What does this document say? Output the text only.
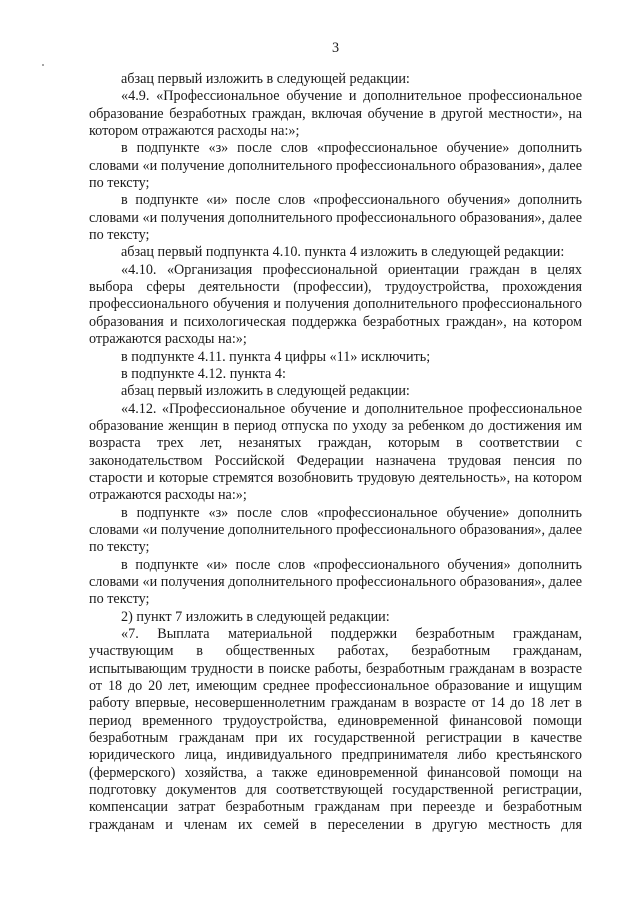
3

абзац первый изложить в следующей редакции:

«4.9. «Профессиональное обучение и дополнительное профессиональное образование безработных граждан, включая обучение в другой местности», на котором отражаются расходы на:»;

в подпункте «з» после слов «профессиональное обучение» дополнить словами «и получение дополнительного профессионального образования», далее по тексту;

в подпункте «и» после слов «профессионального обучения» дополнить словами «и получения дополнительного профессионального образования», далее по тексту;

абзац первый подпункта 4.10. пункта 4 изложить в следующей редакции:

«4.10. «Организация профессиональной ориентации граждан в целях выбора сферы деятельности (профессии), трудоустройства, прохождения профессионального обучения и получения дополнительного профессионального образования и психологическая поддержка безработных граждан», на котором отражаются расходы на:»;

в подпункте 4.11. пункта 4 цифры «11» исключить;

в подпункте 4.12. пункта 4:

абзац первый изложить в следующей редакции:

«4.12. «Профессиональное обучение и дополнительное профессиональное образование женщин в период отпуска по уходу за ребенком до достижения им возраста трех лет, незанятых граждан, которым в соответствии с законодательством Российской Федерации назначена трудовая пенсия по старости и которые стремятся возобновить трудовую деятельность», на котором отражаются расходы на:»;

в подпункте «з» после слов «профессиональное обучение» дополнить словами «и получение дополнительного профессионального образования», далее по тексту;

в подпункте «и» после слов «профессионального обучения» дополнить словами «и получения дополнительного профессионального образования», далее по тексту;

2) пункт 7 изложить в следующей редакции:

«7. Выплата материальной поддержки безработным гражданам, участвующим в общественных работах, безработным гражданам, испытывающим трудности в поиске работы, безработным гражданам в возрасте от 18 до 20 лет, имеющим среднее профессиональное образование и ищущим работу впервые, несовершеннолетним гражданам в возрасте от 14 до 18 лет в период временного трудоустройства, единовременной финансовой помощи безработным гражданам при их государственной регистрации в качестве юридического лица, индивидуального предпринимателя либо крестьянского (фермерского) хозяйства, а также единовременной финансовой помощи на подготовку документов для соответствующей государственной регистрации, компенсации затрат безработным гражданам при переезде и безработным гражданам и членам их семей в переселении в другую местность для
